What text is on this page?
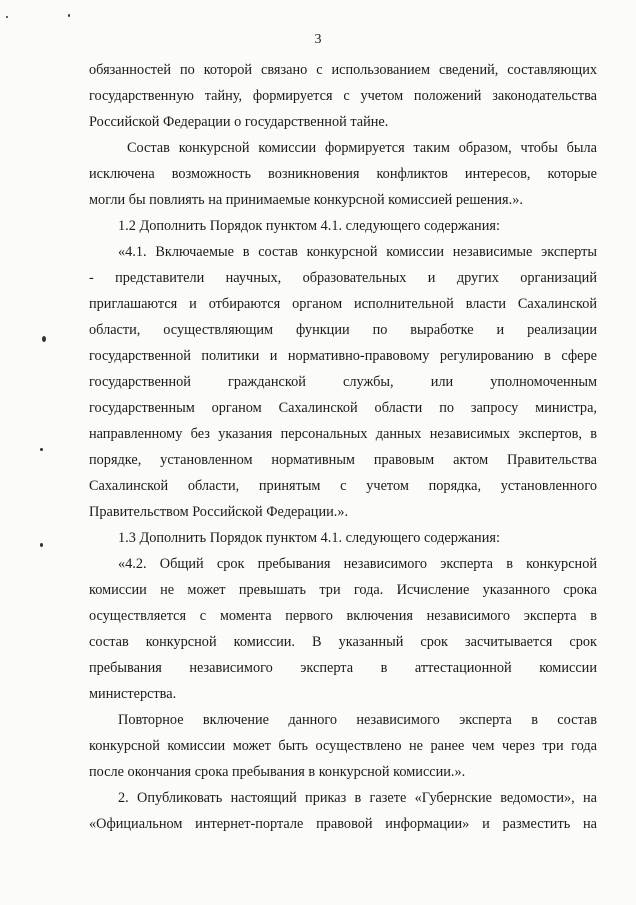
3
обязанностей по которой связано с использованием сведений, составляющих
государственную тайну, формируется с учетом положений законодательства
Российской Федерации о государственной тайне.
Состав конкурсной комиссии формируется таким образом, чтобы была
исключена возможность возникновения конфликтов интересов, которые
могли бы повлиять на принимаемые конкурсной комиссией решения.».
1.2 Дополнить Порядок пунктом 4.1. следующего содержания:
«4.1. Включаемые в состав конкурсной комиссии независимые эксперты
- представители научных, образовательных и других организаций
приглашаются и отбираются органом исполнительной власти Сахалинской
области, осуществляющим функции по выработке и реализации
государственной политики и нормативно-правовому регулированию в сфере
государственной гражданской службы, или уполномоченным
государственным органом Сахалинской области по запросу министра,
направленному без указания персональных данных независимых экспертов, в
порядке, установленном нормативным правовым актом Правительства
Сахалинской области, принятым с учетом порядка, установленного
Правительством Российской Федерации.».
1.3 Дополнить Порядок пунктом 4.1. следующего содержания:
«4.2. Общий срок пребывания независимого эксперта в конкурсной
комиссии не может превышать три года. Исчисление указанного срока
осуществляется с момента первого включения независимого эксперта в
состав конкурсной комиссии. В указанный срок засчитывается срок
пребывания независимого эксперта в аттестационной комиссии
министерства.
Повторное включение данного независимого эксперта в состав
конкурсной комиссии может быть осуществлено не ранее чем через три года
после окончания срока пребывания в конкурсной комиссии.».
2. Опубликовать настоящий приказ в газете «Губернские ведомости», на
«Официальном интернет-портале правовой информации» и разместить на
